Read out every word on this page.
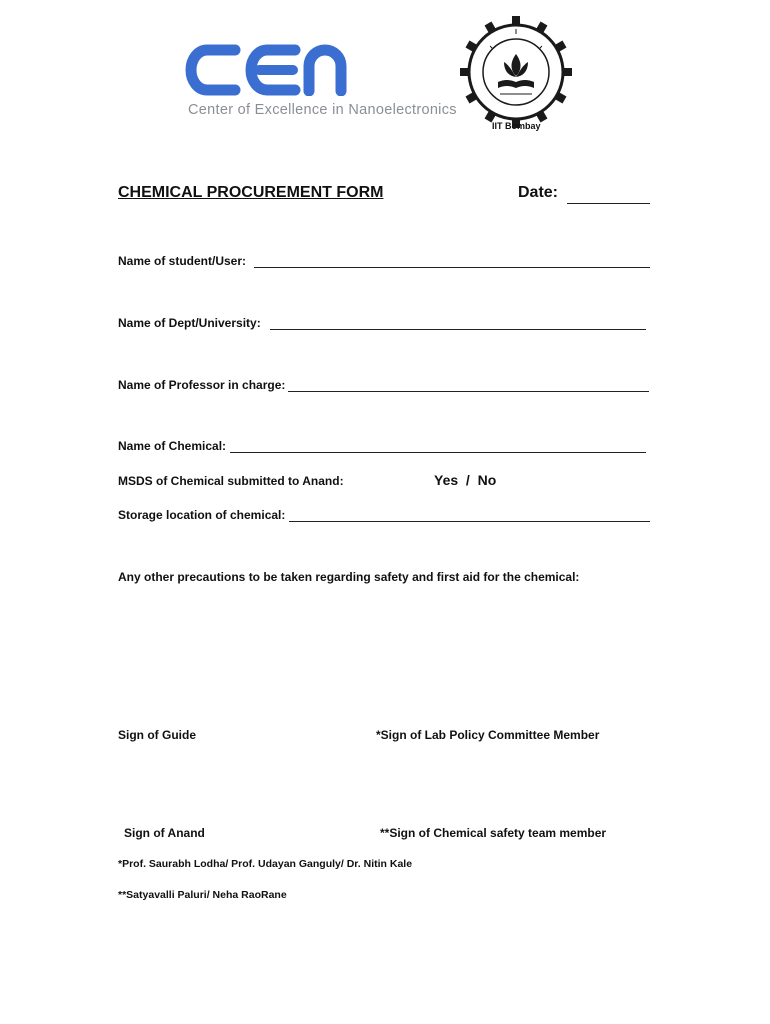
Center of Excellence in Nanoelectronics
IIT Bombay
CHEMICAL PROCUREMENT FORM	Date:
Name of student/User:
Name of Dept/University:
Name of Professor in charge:
Name of Chemical:
MSDS of Chemical submitted to Anand:	Yes  /  No
Storage location of chemical:
Any other precautions to be taken regarding safety and first aid for the chemical:
Sign of Guide	*Sign of Lab Policy Committee Member
Sign of Anand	**Sign of Chemical safety team member
*Prof. Saurabh Lodha/ Prof. Udayan Ganguly/ Dr. Nitin Kale
**Satyavalli Paluri/ Neha RaoRane
